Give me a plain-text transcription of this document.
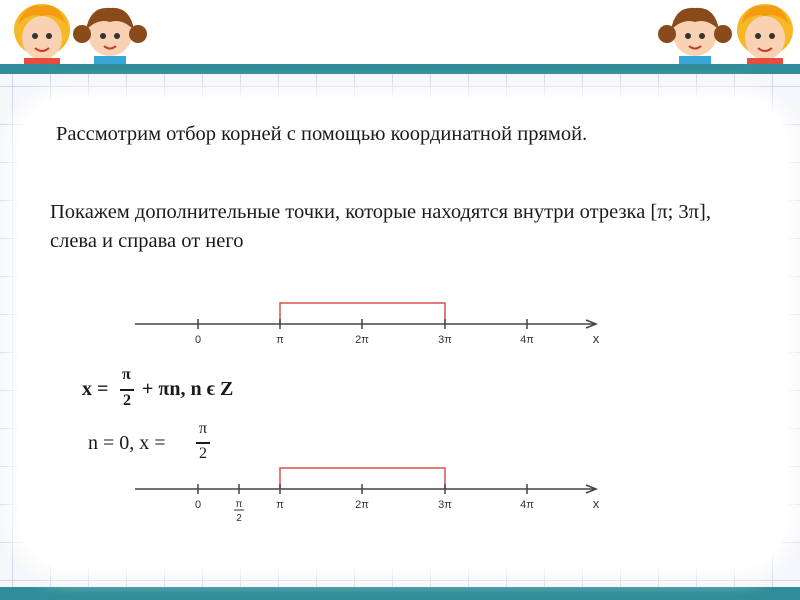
Рассмотрим отбор корней с помощью координатной прямой.
Покажем дополнительные точки, которые находятся внутри отрезка [π; 3π], слева и справа от него
0	π	2π	3π	4π	x
x =
π
2
+ πn, n ϵ Z
n = 0, x =
π
2
0	π
2
π	2π	3π	4π	x
